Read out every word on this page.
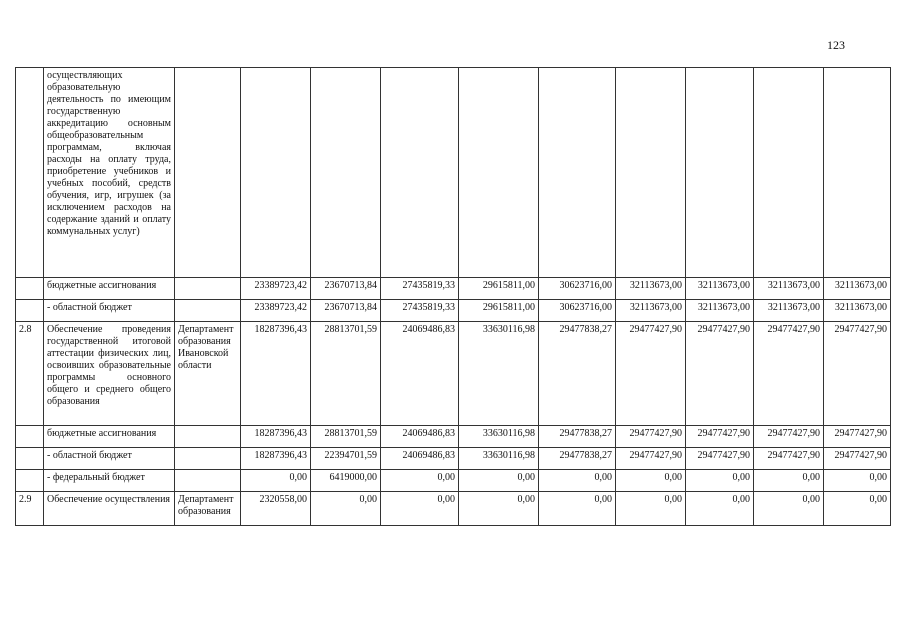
123
	осуществляющих образовательную деятельность по имеющим государственную аккредитацию основным общеобразовательным программам, включая расходы на оплату труда, приобретение учебников и учебных пособий, средств обучения, игр, игрушек (за исключением расходов на содержание зданий и оплату коммунальных услуг)										
	бюджетные ассигнования		23389723,42	23670713,84	27435819,33	29615811,00	30623716,00	32113673,00	32113673,00	32113673,00	32113673,00
	- областной бюджет		23389723,42	23670713,84	27435819,33	29615811,00	30623716,00	32113673,00	32113673,00	32113673,00	32113673,00
2.8	Обеспечение проведения государственной итоговой аттестации физических лиц, освоивших образовательные программы основного общего и среднего общего образования	Департамент образования Ивановской области	18287396,43	28813701,59	24069486,83	33630116,98	29477838,27	29477427,90	29477427,90	29477427,90	29477427,90
	бюджетные ассигнования		18287396,43	28813701,59	24069486,83	33630116,98	29477838,27	29477427,90	29477427,90	29477427,90	29477427,90
	- областной бюджет		18287396,43	22394701,59	24069486,83	33630116,98	29477838,27	29477427,90	29477427,90	29477427,90	29477427,90
	- федеральный бюджет		0,00	6419000,00	0,00	0,00	0,00	0,00	0,00	0,00	0,00
2.9	Обеспечение осуществления	Департамент образования	2320558,00	0,00	0,00	0,00	0,00	0,00	0,00	0,00	0,00
